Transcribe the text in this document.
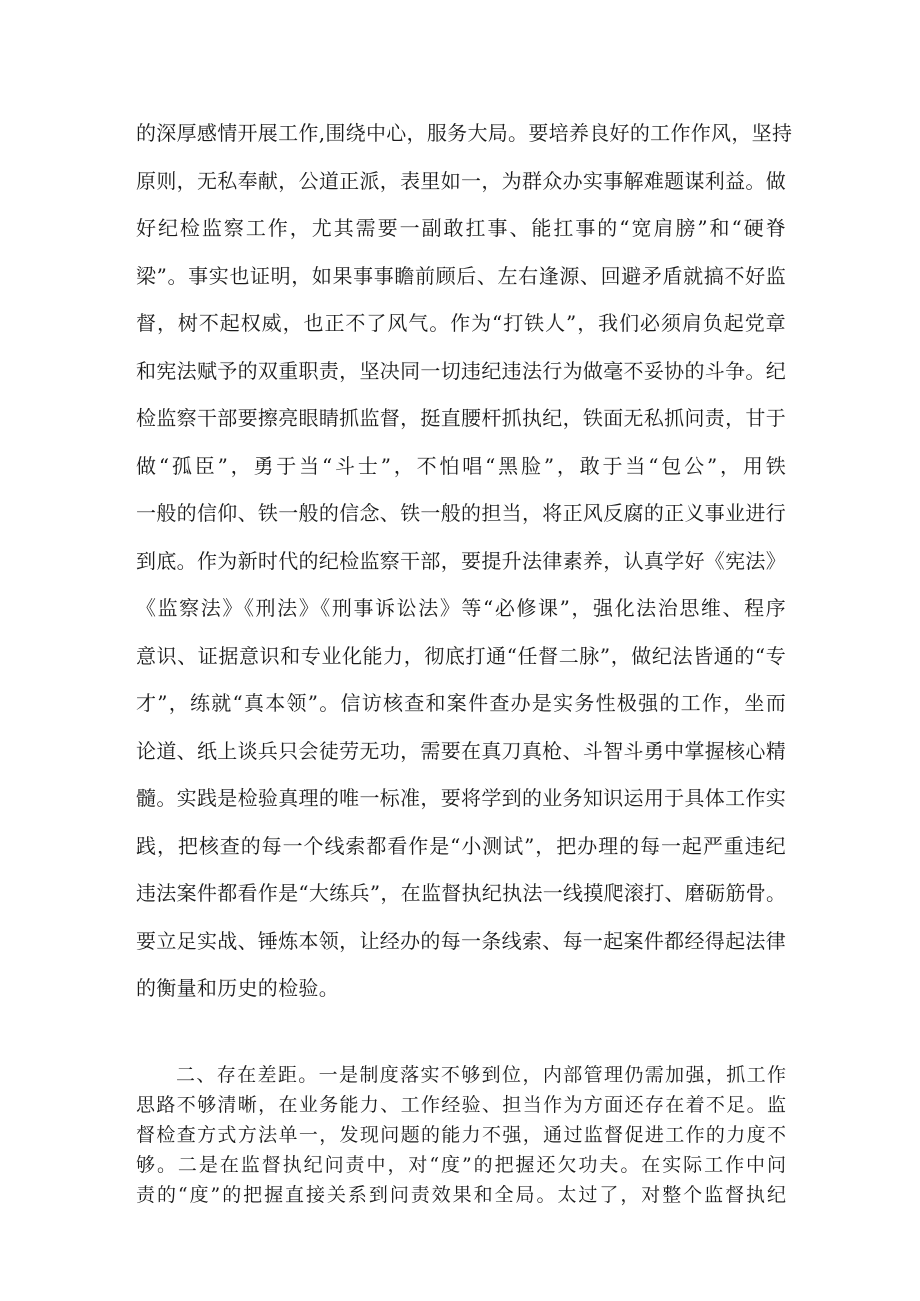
的深厚感情开展工作,围绕中心，服务大局。要培养良好的工作作风，坚持
原则，无私奉献，公道正派，表里如一，为群众办实事解难题谋利益。做
好纪检监察工作，尤其需要一副敢扛事、能扛事的“宽肩膀”和“硬脊
梁”。事实也证明，如果事事瞻前顾后、左右逢源、回避矛盾就搞不好监
督，树不起权威，也正不了风气。作为“打铁人”，我们必须肩负起党章
和宪法赋予的双重职责，坚决同一切违纪违法行为做毫不妥协的斗争。纪
检监察干部要擦亮眼睛抓监督，挺直腰杆抓执纪，铁面无私抓问责，甘于
做“孤臣”，勇于当“斗士”，不怕唱“黑脸”，敢于当“包公”，用铁
一般的信仰、铁一般的信念、铁一般的担当，将正风反腐的正义事业进行
到底。作为新时代的纪检监察干部，要提升法律素养，认真学好《宪法》
《监察法》《刑法》《刑事诉讼法》等“必修课”，强化法治思维、程序
意识、证据意识和专业化能力，彻底打通“任督二脉”，做纪法皆通的“专
才”，练就“真本领”。信访核查和案件查办是实务性极强的工作，坐而
论道、纸上谈兵只会徒劳无功，需要在真刀真枪、斗智斗勇中掌握核心精
髓。实践是检验真理的唯一标准，要将学到的业务知识运用于具体工作实
践，把核查的每一个线索都看作是“小测试”，把办理的每一起严重违纪
违法案件都看作是“大练兵”，在监督执纪执法一线摸爬滚打、磨砺筋骨。
要立足实战、锤炼本领，让经办的每一条线索、每一起案件都经得起法律
的衡量和历史的检验。
二、存在差距。一是制度落实不够到位，内部管理仍需加强，抓工作
思路不够清晰，在业务能力、工作经验、担当作为方面还存在着不足。监
督检查方式方法单一，发现问题的能力不强，通过监督促进工作的力度不
够。二是在监督执纪问责中，对“度”的把握还欠功夫。在实际工作中问
责的“度”的把握直接关系到问责效果和全局。太过了，对整个监督执纪
